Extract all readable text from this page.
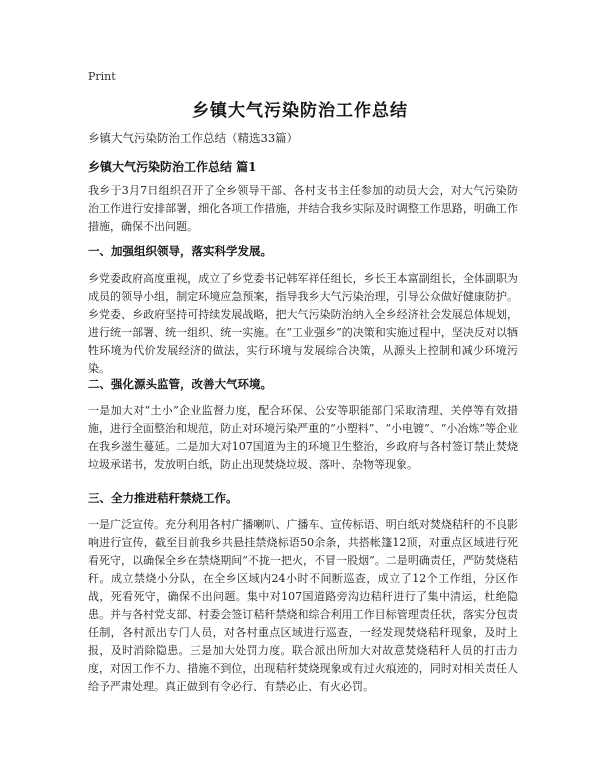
Print
乡镇大气污染防治工作总结
乡镇大气污染防治工作总结（精选33篇）
乡镇大气污染防治工作总结 篇1
我乡于3月7日组织召开了全乡领导干部、各村支书主任参加的动员大会，对大气污染防治工作进行安排部署，细化各项工作措施，并结合我乡实际及时调整工作思路，明确工作措施，确保不出问题。
一、加强组织领导，落实科学发展。
乡党委政府高度重视，成立了乡党委书记韩军祥任组长，乡长王本富副组长，全体副职为成员的领导小组，制定环境应急预案，指导我乡大气污染治理，引导公众做好健康防护。乡党委、乡政府坚持可持续发展战略，把大气污染防治纳入全乡经济社会发展总体规划，进行统一部署、统一组织、统一实施。在“工业强乡”的决策和实施过程中，坚决反对以牺牲环境为代价发展经济的做法，实行环境与发展综合决策，从源头上控制和减少环境污染。
二、强化源头监管，改善大气环境。
一是加大对“土小”企业监督力度，配合环保、公安等职能部门采取清理、关停等有效措施，进行全面整治和规范，防止对环境污染严重的“小塑料”、“小电镀”、“小冶炼”等企业在我乡滋生蔓延。二是加大对107国道为主的环境卫生整治，乡政府与各村签订禁止焚烧垃圾承诺书，发放明白纸，防止出现焚烧垃圾、落叶、杂物等现象。
三、全力推进秸秆禁烧工作。
一是广泛宣传。充分利用各村广播喇叭、广播车、宣传标语、明白纸对焚烧秸秆的不良影响进行宣传，截至目前我乡共悬挂禁烧标语50余条，共搭帐篷12顶，对重点区域进行死看死守，以确保全乡在禁烧期间“不拢一把火，不冒一股烟”。二是明确责任，严防焚烧秸秆。成立禁烧小分队，在全乡区域内24小时不间断巡查，成立了12个工作组，分区作战，死看死守，确保不出问题。集中对107国道路旁沟边秸秆进行了集中清运，杜绝隐患。并与各村党支部、村委会签订秸秆禁烧和综合利用工作目标管理责任状，落实分包责任制，各村派出专门人员，对各村重点区域进行巡查，一经发现焚烧秸秆现象，及时上报，及时消除隐患。三是加大处罚力度。联合派出所加大对故意焚烧秸秆人员的打击力度，对因工作不力、措施不到位，出现秸秆焚烧现象或有过火痕迹的，同时对相关责任人给予严肃处理。真正做到有令必行、有禁必止、有火必罚。
